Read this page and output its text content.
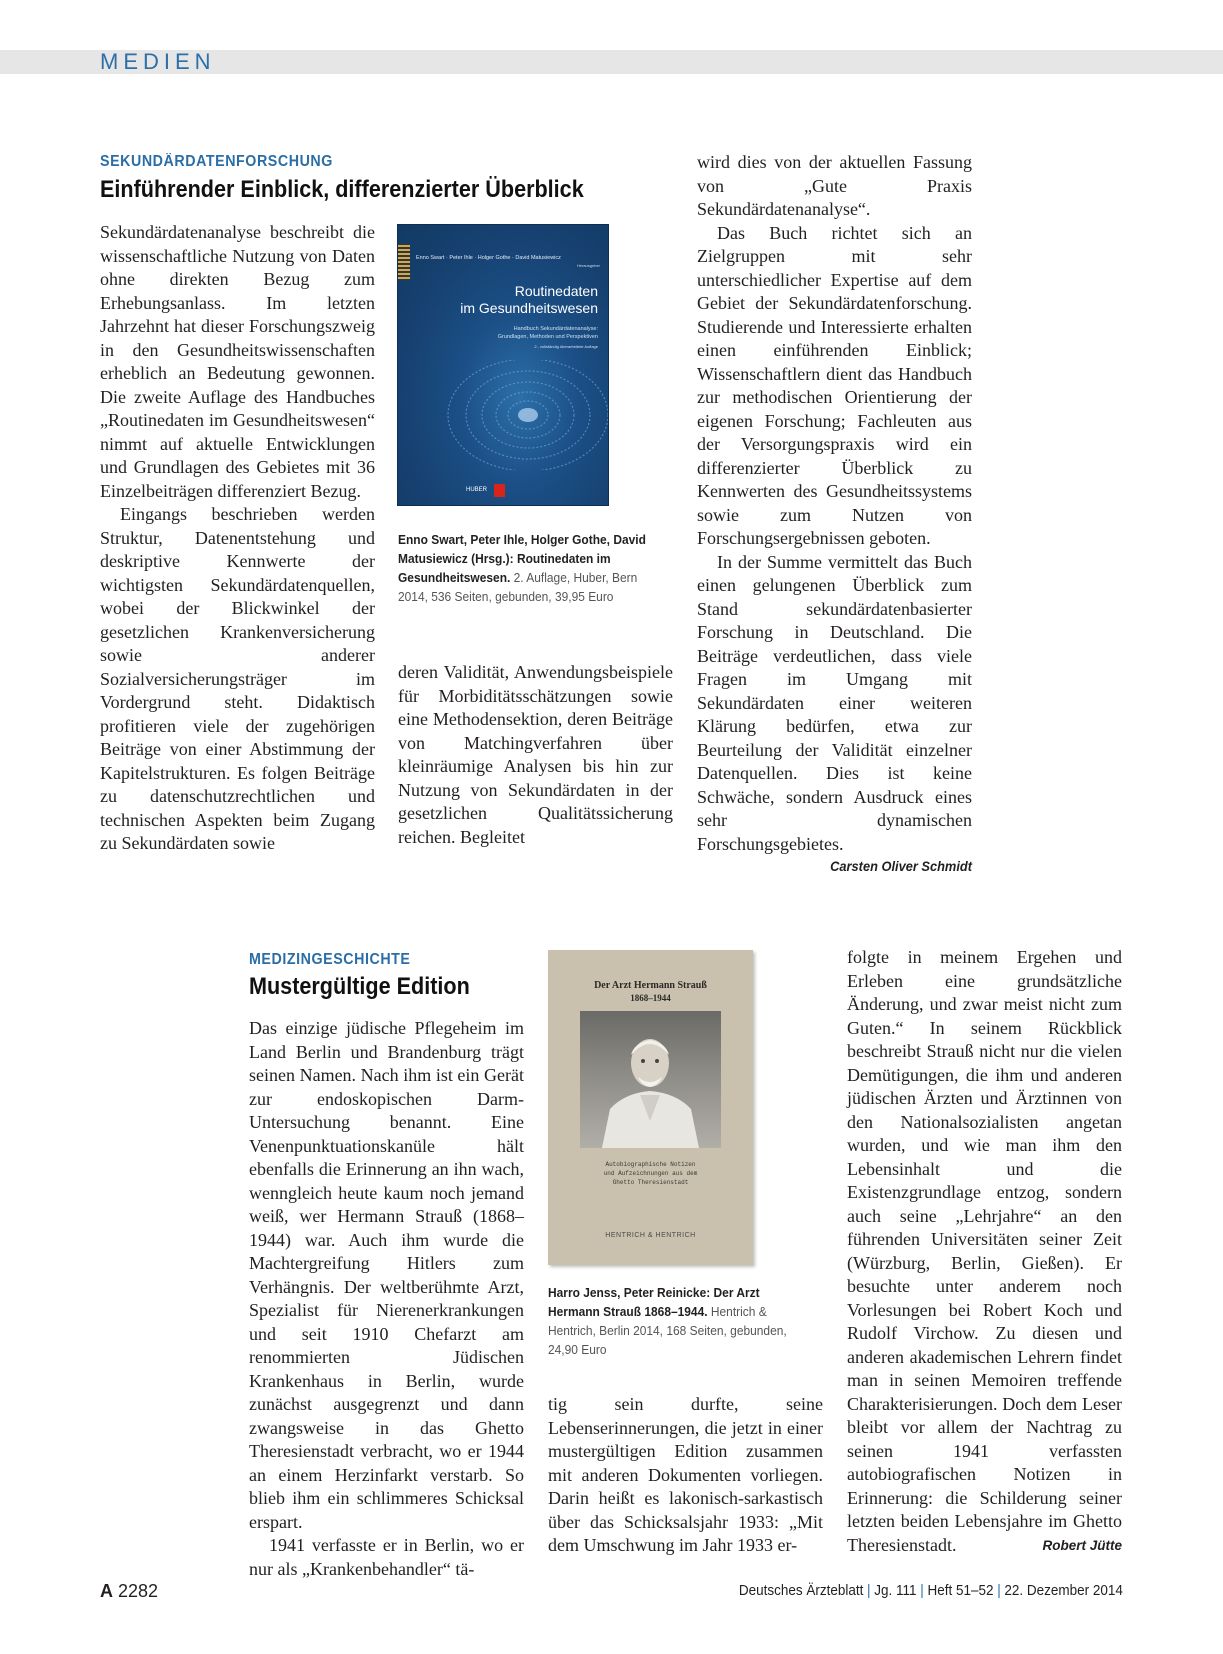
MEDIEN
SEKUNDÄRDATENFORSCHUNG
Einführender Einblick, differenzierter Überblick

Sekundärdatenanalyse beschreibt die wissenschaftliche Nutzung von Daten ohne direkten Bezug zum Erhebungsanlass. Im letzten Jahrzehnt hat dieser Forschungszweig in den Gesundheitswissenschaften erheblich an Bedeutung gewonnen. Die zweite Auflage des Handbuches „Routinedaten im Gesundheitswesen“ nimmt auf aktuelle Entwicklungen und Grundlagen des Gebietes mit 36 Einzelbeiträgen differenziert Bezug.

Eingangs beschrieben werden Struktur, Datenentstehung und deskriptive Kennwerte der wichtigsten Sekundärdatenquellen, wobei der Blickwinkel der gesetzlichen Krankenversicherung sowie anderer Sozialversicherungsträger im Vordergrund steht. Didaktisch profitieren viele der zugehörigen Beiträge von einer Abstimmung der Kapitelstrukturen. Es folgen Beiträge zu datenschutzrechtlichen und technischen Aspekten beim Zugang zu Sekundärdaten sowie

Enno Swart · Peter Ihle · Holger Gothe · David Matusiewicz
Herausgeber
Routinedaten
im Gesundheitswesen
Handbuch Sekundärdatenanalyse:
Grundlagen, Methoden und Perspektiven
2., vollständig überarbeitete Auflage
HUBER
Enno Swart, Peter Ihle, Holger Gothe, David Matusiewicz (Hrsg.): Routinedaten im Gesundheitswesen. 2. Auflage, Huber, Bern 2014, 536 Seiten, gebunden, 39,95 Euro

deren Validität, Anwendungsbeispiele für Morbiditätsschätzungen sowie eine Methodensektion, deren Beiträge von Matchingverfahren über kleinräumige Analysen bis hin zur Nutzung von Sekundärdaten in der gesetzlichen Qualitätssicherung reichen. Begleitet

wird dies von der aktuellen Fassung von „Gute Praxis Sekundärdatenanalyse“.

Das Buch richtet sich an Zielgruppen mit sehr unterschiedlicher Expertise auf dem Gebiet der Sekundärdatenforschung. Studierende und Interessierte erhalten einen einführenden Einblick; Wissenschaftlern dient das Handbuch zur methodischen Orientierung der eigenen Forschung; Fachleuten aus der Versorgungspraxis wird ein differenzierter Überblick zu Kennwerten des Gesundheitssystems sowie zum Nutzen von Forschungsergebnissen geboten.

In der Summe vermittelt das Buch einen gelungenen Überblick zum Stand sekundärdatenbasierter Forschung in Deutschland. Die Beiträge verdeutlichen, dass viele Fragen im Umgang mit Sekundärdaten einer weiteren Klärung bedürfen, etwa zur Beurteilung der Validität einzelner Datenquellen. Dies ist keine Schwäche, sondern Ausdruck eines sehr dynamischen Forschungsgebietes.

Carsten Oliver Schmidt
MEDIZINGESCHICHTE
Mustergültige Edition

Das einzige jüdische Pflegeheim im Land Berlin und Brandenburg trägt seinen Namen. Nach ihm ist ein Gerät zur endoskopischen Darm-Untersuchung benannt. Eine Venenpunktuationskanüle hält ebenfalls die Erinnerung an ihn wach, wenngleich heute kaum noch jemand weiß, wer Hermann Strauß (1868–1944) war. Auch ihm wurde die Machtergreifung Hitlers zum Verhängnis. Der weltberühmte Arzt, Spezialist für Nierenerkrankungen und seit 1910 Chefarzt am renommierten Jüdischen Krankenhaus in Berlin, wurde zunächst ausgegrenzt und dann zwangsweise in das Ghetto Theresienstadt verbracht, wo er 1944 an einem Herzinfarkt verstarb. So blieb ihm ein schlimmeres Schicksal erspart.

1941 verfasste er in Berlin, wo er nur als „Krankenbehandler“ tä-

Der Arzt Hermann Strauß
1868–1944
Autobiographische Notizen
und Aufzeichnungen aus dem
Ghetto Theresienstadt
HENTRICH & HENTRICH
Harro Jenss, Peter Reinicke: Der Arzt Hermann Strauß 1868–1944. Hentrich & Hentrich, Berlin 2014, 168 Seiten, gebunden, 24,90 Euro

tig sein durfte, seine Lebenserinnerungen, die jetzt in einer mustergültigen Edition zusammen mit anderen Dokumenten vorliegen. Darin heißt es lakonisch-sarkastisch über das Schicksalsjahr 1933: „Mit dem Umschwung im Jahr 1933 er-

folgte in meinem Ergehen und Erleben eine grundsätzliche Änderung, und zwar meist nicht zum Guten.“ In seinem Rückblick beschreibt Strauß nicht nur die vielen Demütigungen, die ihm und anderen jüdischen Ärzten und Ärztinnen von den Nationalsozialisten angetan wurden, und wie man ihm den Lebensinhalt und die Existenzgrundlage entzog, sondern auch seine „Lehrjahre“ an den führenden Universitäten seiner Zeit (Würzburg, Berlin, Gießen). Er besuchte unter anderem noch Vorlesungen bei Robert Koch und Rudolf Virchow. Zu diesen und anderen akademischen Lehrern findet man in seinen Memoiren treffende Charakterisierungen. Doch dem Leser bleibt vor allem der Nachtrag zu seinen 1941 verfassten autobiografischen Notizen in Erinnerung: die Schilderung seiner letzten beiden Lebensjahre im Ghetto Theresienstadt.	Robert Jütte

A 2282	Deutsches Ärzteblatt | Jg. 111 | Heft 51–52 | 22. Dezember 2014
